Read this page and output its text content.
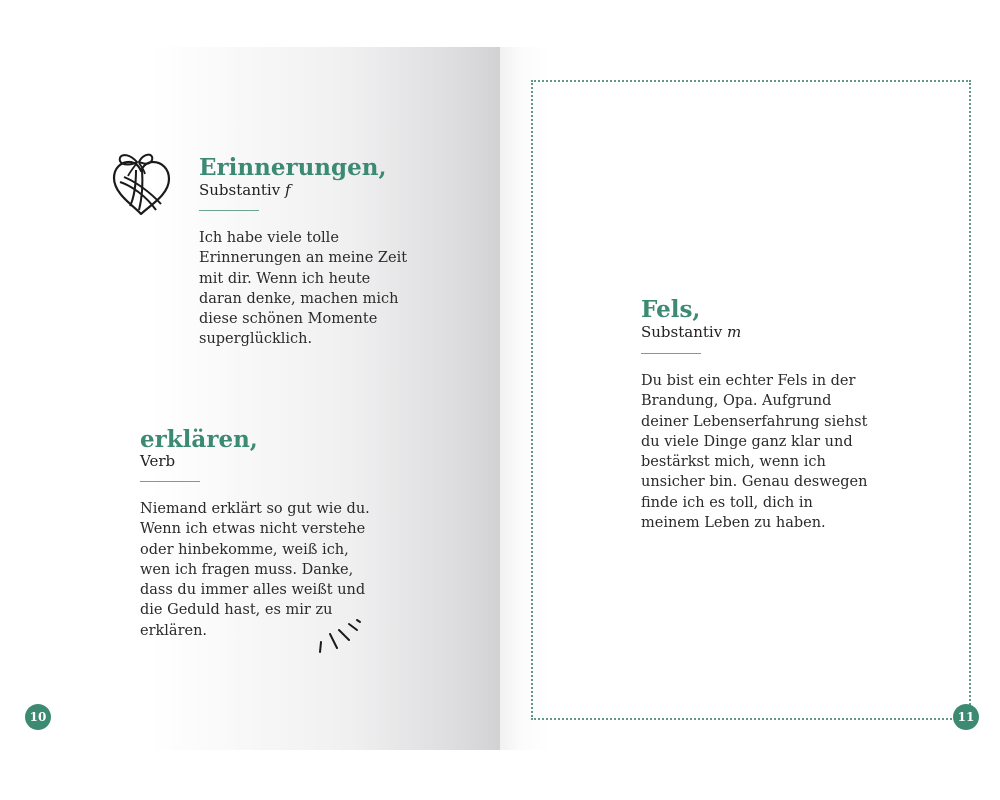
Erinnerungen,

Substantiv f

Ich habe viele tolle
Erinnerungen an meine Zeit
mit dir. Wenn ich heute
daran denke, machen mich
diese schönen Momente
superglücklich.
erklären,

Verb

Niemand erklärt so gut wie du.
Wenn ich etwas nicht verstehe
oder hinbekomme, weiß ich,
wen ich fragen muss. Danke,
dass du immer alles weißt und
die Geduld hast, es mir zu
erklären.
10
Fels,

Substantiv m

Du bist ein echter Fels in der
Brandung, Opa. Aufgrund
deiner Lebenserfahrung siehst
du viele Dinge ganz klar und
bestärkst mich, wenn ich
unsicher bin. Genau deswegen
finde ich es toll, dich in
meinem Leben zu haben.
11
